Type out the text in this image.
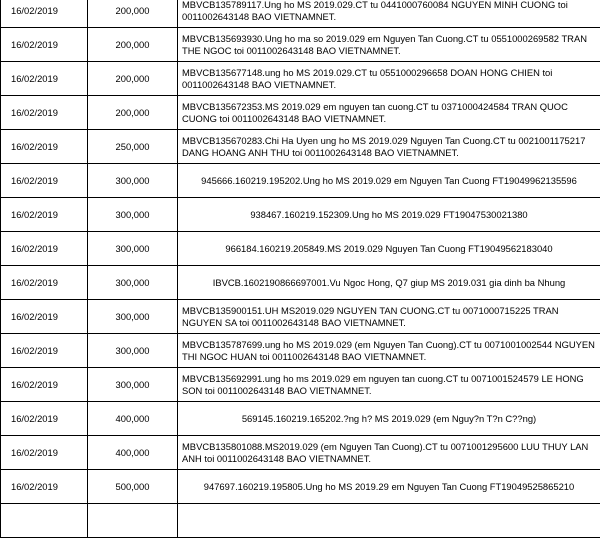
16/02/2019	200,000	MBVCB135789117.Ung ho MS 2019.029.CT tu 0441000760084 NGUYEN MINH CUONG toi 0011002643148 BAO VIETNAMNET.
16/02/2019	200,000	MBVCB135693930.Ung ho ma so 2019.029 em Nguyen Tan Cuong.CT tu 0551000269582 TRAN THE NGOC toi 0011002643148 BAO VIETNAMNET.
16/02/2019	200,000	MBVCB135677148.ung ho MS 2019.029.CT tu 0551000296658 DOAN HONG CHIEN toi 0011002643148 BAO VIETNAMNET.
16/02/2019	200,000	MBVCB135672353.MS 2019.029 em nguyen tan cuong.CT tu 0371000424584 TRAN QUOC CUONG toi 0011002643148 BAO VIETNAMNET.
16/02/2019	250,000	MBVCB135670283.Chi Ha Uyen ung ho MS 2019.029 Nguyen Tan Cuong.CT tu 0021001175217 DANG HOANG ANH THU toi 0011002643148 BAO VIETNAMNET.
16/02/2019	300,000	945666.160219.195202.Ung ho MS 2019.029 em Nguyen Tan Cuong FT19049962135596
16/02/2019	300,000	938467.160219.152309.Ung ho MS 2019.029 FT19047530021380
16/02/2019	300,000	966184.160219.205849.MS 2019.029 Nguyen Tan Cuong FT19049562183040
16/02/2019	300,000	IBVCB.1602190866697001.Vu Ngoc Hong, Q7 giup MS 2019.031 gia dinh ba Nhung
16/02/2019	300,000	MBVCB135900151.UH MS2019.029 NGUYEN TAN CUONG.CT tu 0071000715225 TRAN NGUYEN SA toi 0011002643148 BAO VIETNAMNET.
16/02/2019	300,000	MBVCB135787699.ung ho MS 2019.029 (em Nguyen Tan Cuong).CT tu 0071001002544 NGUYEN THI NGOC HUAN toi 0011002643148 BAO VIETNAMNET.
16/02/2019	300,000	MBVCB135692991.ung ho ms 2019.029 em nguyen tan cuong.CT tu 0071001524579 LE HONG SON toi 0011002643148 BAO VIETNAMNET.
16/02/2019	400,000	569145.160219.165202.?ng h? MS 2019.029 (em Nguy?n T?n C??ng)
16/02/2019	400,000	MBVCB135801088.MS2019.029 (em Nguyen Tan Cuong).CT tu 0071001295600 LUU THUY LAN ANH toi 0011002643148 BAO VIETNAMNET.
16/02/2019	500,000	947697.160219.195805.Ung ho MS 2019.29 em Nguyen Tan Cuong FT19049525865210
